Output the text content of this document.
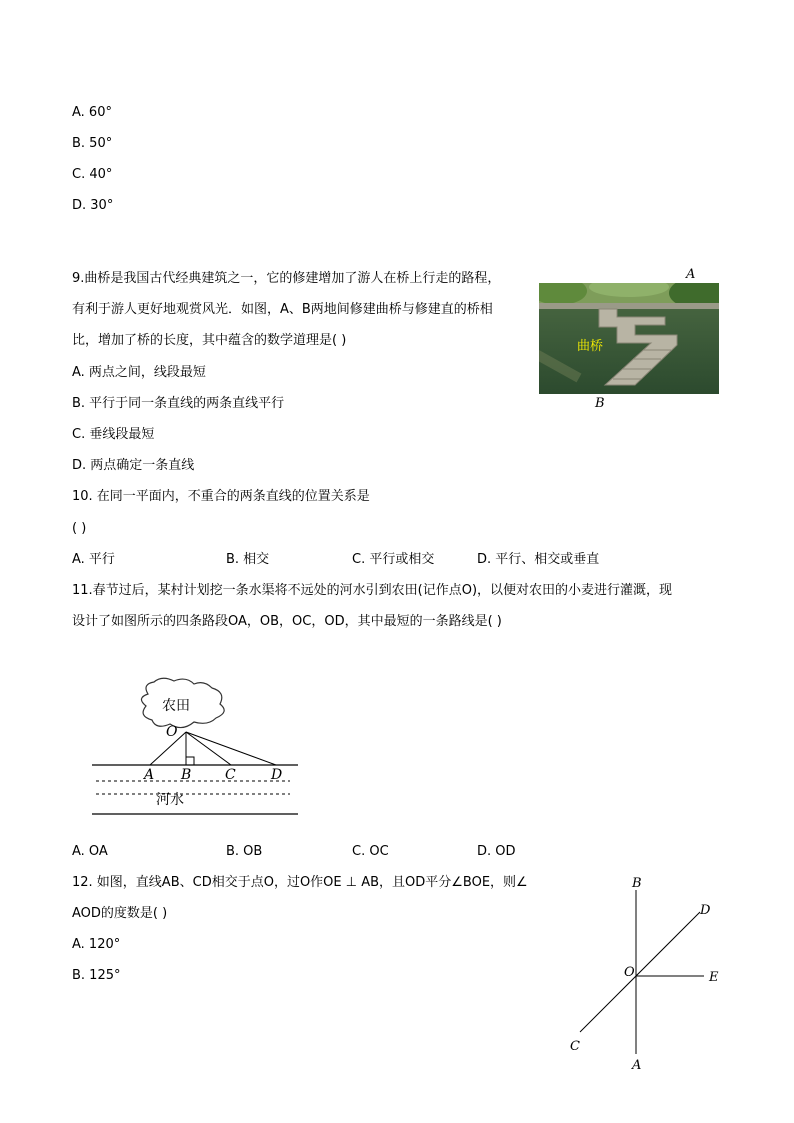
A. 60°
B. 50°
C. 40°
D. 30°
9.曲桥是我国古代经典建筑之一，它的修建增加了游人在桥上行走的路程，
有利于游人更好地观赏风光．如图，A、B两地间修建曲桥与修建直的桥相
比，增加了桥的长度，其中蕴含的数学道理是( )
A. 两点之间，线段最短
B. 平行于同一条直线的两条直线平行
C. 垂线段最短
D. 两点确定一条直线
A
曲桥
B
10. 在同一平面内，不重合的两条直线的位置关系是
( )
A. 平行	B. 相交	C. 平行或相交	D. 平行、相交或垂直
11.春节过后，某村计划挖一条水渠将不远处的河水引到农田(记作点O)，以便对农田的小麦进行灌溉，现
设计了如图所示的四条路段OA，OB，OC，OD，其中最短的一条路线是( )
农田
河水
O
A B C	D
A. OA	B. OB	C. OC	D. OD
12. 如图，直线AB、CD相交于点O，过O作OE ⊥ AB，且OD平分∠BOE，则∠
AOD的度数是( )
A. 120°
B. 125°
B
D
O	E
C
A
